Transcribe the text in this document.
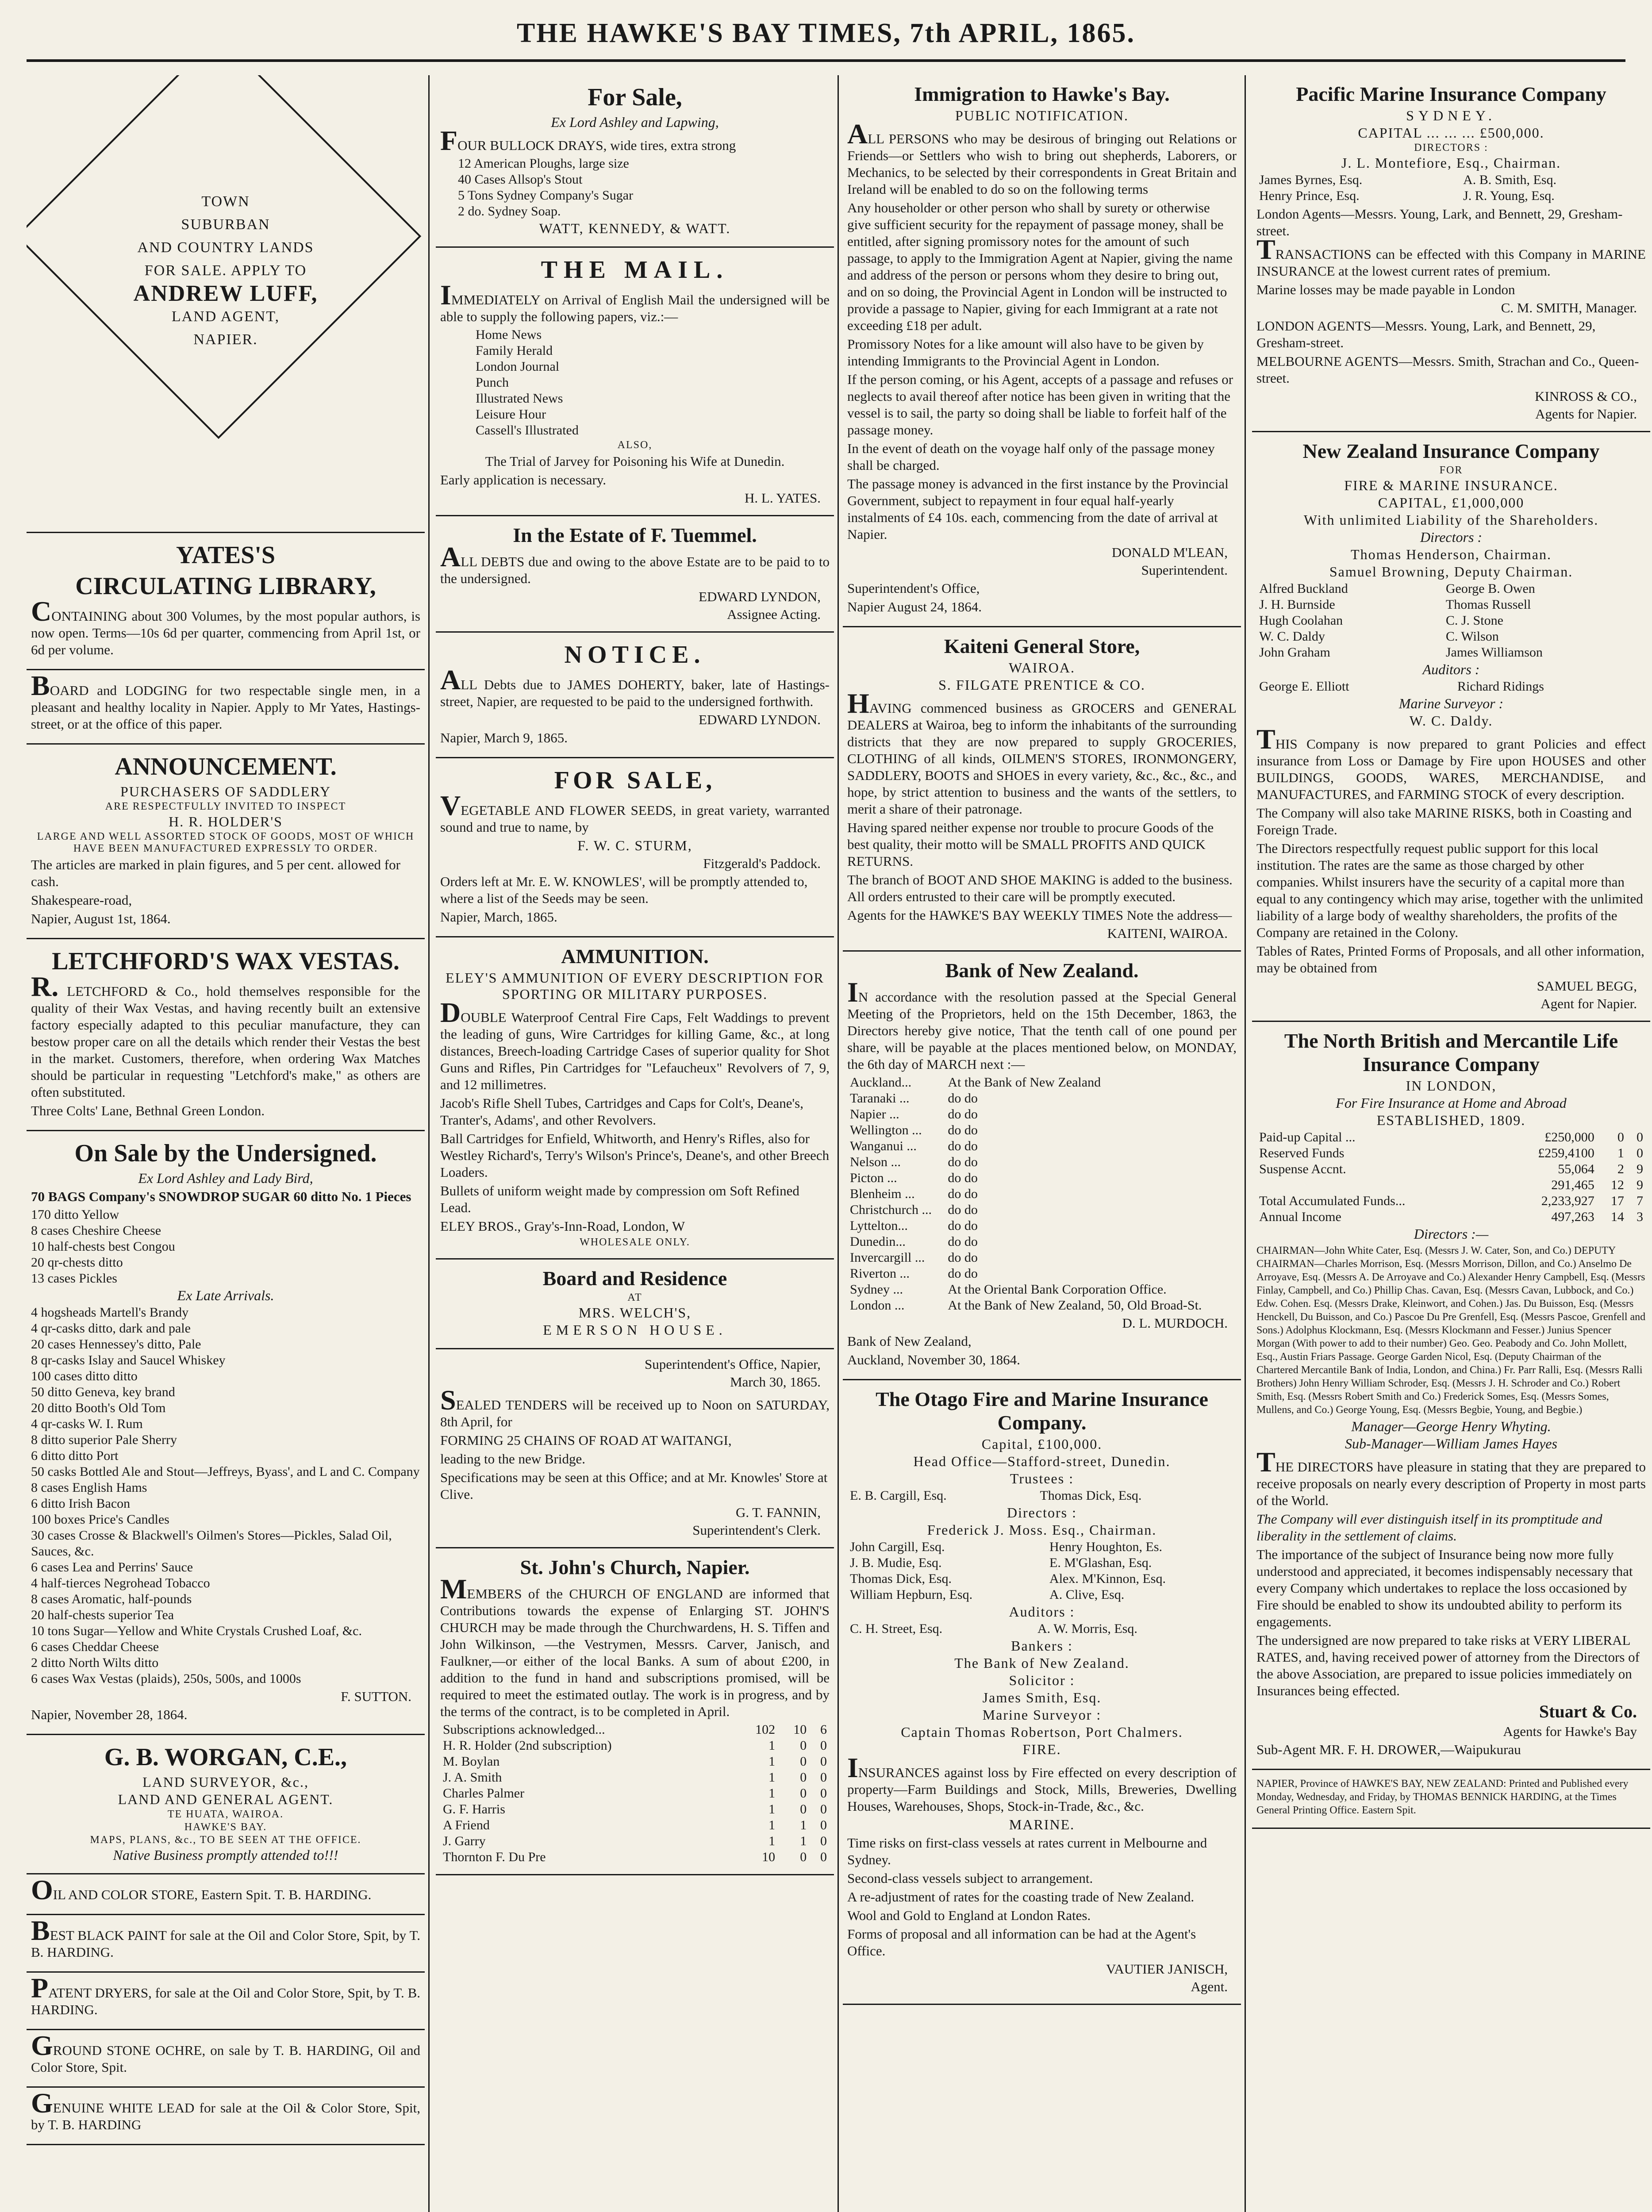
THE HAWKE'S BAY TIMES, 7th APRIL, 1865.
TOWN
SUBURBAN
AND COUNTRY LANDS
FOR SALE. APPLY TO
ANDREW LUFF,
LAND AGENT,
NAPIER.
YATES'S
CIRCULATING LIBRARY,
CONTAINING about 300 Volumes, by the most popular authors, is now open. Terms—10s 6d per quarter, commencing from April 1st, or 6d per volume.
BOARD and LODGING for two respectable single men, in a pleasant and healthy locality in Napier. Apply to Mr Yates, Hastings-street, or at the office of this paper.
ANNOUNCEMENT.
PURCHASERS OF SADDLERY
ARE RESPECTFULLY INVITED TO INSPECT
H. R. HOLDER'S
LARGE AND WELL ASSORTED STOCK OF GOODS, MOST OF WHICH HAVE BEEN MANUFACTURED EXPRESSLY TO ORDER.
The articles are marked in plain figures, and 5 per cent. allowed for cash.
Shakespeare-road,
Napier, August 1st, 1864.
LETCHFORD'S WAX VESTAS.
R. LETCHFORD & Co., hold themselves responsible for the quality of their Wax Vestas, and having recently built an extensive factory especially adapted to this peculiar manufacture, they can bestow proper care on all the details which render their Vestas the best in the market. Customers, therefore, when ordering Wax Matches should be particular in requesting "Letchford's make," as others are often substituted.
Three Colts' Lane, Bethnal Green London.
On Sale by the Undersigned.
Ex Lord Ashley and Lady Bird,
70 BAGS Company's SNOWDROP SUGAR 60 ditto No. 1 Pieces
170 ditto Yellow
8 cases Cheshire Cheese
10 half-chests best Congou
20 qr-chests ditto
13 cases Pickles
Ex Late Arrivals.
4 hogsheads Martell's Brandy
4 qr-casks ditto, dark and pale
20 cases Hennessey's ditto, Pale
8 qr-casks Islay and Saucel Whiskey
100 cases ditto ditto
50 ditto Geneva, key brand
20 ditto Booth's Old Tom
4 qr-casks W. I. Rum
8 ditto superior Pale Sherry
6 ditto ditto Port
50 casks Bottled Ale and Stout—Jeffreys, Byass', and L and C. Company
8 cases English Hams
6 ditto Irish Bacon
100 boxes Price's Candles
30 cases Crosse & Blackwell's Oilmen's Stores—Pickles, Salad Oil, Sauces, &c.
6 cases Lea and Perrins' Sauce
4 half-tierces Negrohead Tobacco
8 cases Aromatic, half-pounds
20 half-chests superior Tea
10 tons Sugar—Yellow and White Crystals Crushed Loaf, &c.
6 cases Cheddar Cheese
2 ditto North Wilts ditto
6 cases Wax Vestas (plaids), 250s, 500s, and 1000s
F. SUTTON.
Napier, November 28, 1864.
G. B. WORGAN, C.E.,
LAND SURVEYOR, &c.,
LAND AND GENERAL AGENT.
TE HUATA, WAIROA.
HAWKE'S BAY.
MAPS, PLANS, &c., TO BE SEEN AT THE OFFICE.
Native Business promptly attended to!!!
OIL AND COLOR STORE, Eastern Spit. T. B. HARDING.
BEST BLACK PAINT for sale at the Oil and Color Store, Spit, by T. B. HARDING.
PATENT DRYERS, for sale at the Oil and Color Store, Spit, by T. B. HARDING.
GROUND STONE OCHRE, on sale by T. B. HARDING, Oil and Color Store, Spit.
GENUINE WHITE LEAD for sale at the Oil & Color Store, Spit, by T. B. HARDING
For Sale,
Ex Lord Ashley and Lapwing,
FOUR BULLOCK DRAYS, wide tires, extra strong
12 American Ploughs, large size
40 Cases Allsop's Stout
5 Tons Sydney Company's Sugar
2 do. Sydney Soap.
WATT, KENNEDY, & WATT.
THE MAIL.
IMMEDIATELY on Arrival of English Mail the undersigned will be able to supply the following papers, viz.:—
Home News
Family Herald
London Journal
Punch
Illustrated News
Leisure Hour
Cassell's Illustrated
ALSO,
The Trial of Jarvey for Poisoning his Wife at Dunedin.
Early application is necessary.
H. L. YATES.
In the Estate of F. Tuemmel.
ALL DEBTS due and owing to the above Estate are to be paid to to the undersigned.
EDWARD LYNDON,
Assignee Acting.
NOTICE.
ALL Debts due to JAMES DOHERTY, baker, late of Hastings-street, Napier, are requested to be paid to the undersigned forthwith.
EDWARD LYNDON.
Napier, March 9, 1865.
FOR SALE,
VEGETABLE AND FLOWER SEEDS, in great variety, warranted sound and true to name, by
F. W. C. STURM,
Fitzgerald's Paddock.
Orders left at Mr. E. W. KNOWLES', will be promptly attended to, where a list of the Seeds may be seen.
Napier, March, 1865.
AMMUNITION.
ELEY'S AMMUNITION OF EVERY DESCRIPTION FOR SPORTING OR MILITARY PURPOSES.
DOUBLE Waterproof Central Fire Caps, Felt Waddings to prevent the leading of guns, Wire Cartridges for killing Game, &c., at long distances, Breech-loading Cartridge Cases of superior quality for Shot Guns and Rifles, Pin Cartridges for "Lefaucheux" Revolvers of 7, 9, and 12 millimetres.
Jacob's Rifle Shell Tubes, Cartridges and Caps for Colt's, Deane's, Tranter's, Adams', and other Revolvers.
Ball Cartridges for Enfield, Whitworth, and Henry's Rifles, also for Westley Richard's, Terry's Wilson's Prince's, Deane's, and other Breech Loaders.
Bullets of uniform weight made by compression om Soft Refined Lead.
ELEY BROS., Gray's-Inn-Road, London, W
WHOLESALE ONLY.
Board and Residence
AT
MRS. WELCH'S,
EMERSON HOUSE.
Superintendent's Office, Napier,
March 30, 1865.
SEALED TENDERS will be received up to Noon on SATURDAY, 8th April, for
FORMING 25 CHAINS OF ROAD AT WAITANGI,
leading to the new Bridge.
Specifications may be seen at this Office; and at Mr. Knowles' Store at Clive.
G. T. FANNIN,
Superintendent's Clerk.
St. John's Church, Napier.
MEMBERS of the CHURCH OF ENGLAND are informed that Contributions towards the expense of Enlarging ST. JOHN'S CHURCH may be made through the Churchwardens, H. S. Tiffen and John Wilkinson, —the Vestrymen, Messrs. Carver, Janisch, and Faulkner,—or either of the local Banks. A sum of about £200, in addition to the fund in hand and subscriptions promised, will be required to meet the estimated outlay. The work is in progress, and by the terms of the contract, is to be completed in April.
Subscriptions acknowledged...	102	10	6
H. R. Holder (2nd subscription)	1	0	0
M. Boylan	1	0	0
J. A. Smith	1	0	0
Charles Palmer	1	0	0
G. F. Harris	1	0	0
A Friend	1	1	0
J. Garry	1	1	0
Thornton F. Du Pre	10	0	0
Immigration to Hawke's Bay.
PUBLIC NOTIFICATION.
ALL PERSONS who may be desirous of bringing out Relations or Friends—or Settlers who wish to bring out shepherds, Laborers, or Mechanics, to be selected by their correspondents in Great Britain and Ireland will be enabled to do so on the following terms
Any householder or other person who shall by surety or otherwise give sufficient security for the repayment of passage money, shall be entitled, after signing promissory notes for the amount of such passage, to apply to the Immigration Agent at Napier, giving the name and address of the person or persons whom they desire to bring out, and on so doing, the Provincial Agent in London will be instructed to provide a passage to Napier, giving for each Immigrant at a rate not exceeding £18 per adult.
Promissory Notes for a like amount will also have to be given by intending Immigrants to the Provincial Agent in London.
If the person coming, or his Agent, accepts of a passage and refuses or neglects to avail thereof after notice has been given in writing that the vessel is to sail, the party so doing shall be liable to forfeit half of the passage money.
In the event of death on the voyage half only of the passage money shall be charged.
The passage money is advanced in the first instance by the Provincial Government, subject to repayment in four equal half-yearly instalments of £4 10s. each, commencing from the date of arrival at Napier.
DONALD M'LEAN,
Superintendent.
Superintendent's Office,
Napier August 24, 1864.
Kaiteni General Store,
WAIROA.
S. FILGATE PRENTICE & CO.
HAVING commenced business as GROCERS and GENERAL DEALERS at Wairoa, beg to inform the inhabitants of the surrounding districts that they are now prepared to supply GROCERIES, CLOTHING of all kinds, OILMEN'S STORES, IRONMONGERY, SADDLERY, BOOTS and SHOES in every variety, &c., &c., &c., and hope, by strict attention to business and the wants of the settlers, to merit a share of their patronage.
Having spared neither expense nor trouble to procure Goods of the best quality, their motto will be SMALL PROFITS AND QUICK RETURNS.
The branch of BOOT AND SHOE MAKING is added to the business. All orders entrusted to their care will be promptly executed.
Agents for the HAWKE'S BAY WEEKLY TIMES Note the address—
KAITENI, WAIROA.
Bank of New Zealand.
IN accordance with the resolution passed at the Special General Meeting of the Proprietors, held on the 15th December, 1863, the Directors hereby give notice, That the tenth call of one pound per share, will be payable at the places mentioned below, on MONDAY, the 6th day of MARCH next :—
Auckland...	At the Bank of New Zealand
Taranaki ...	do do
Napier ...	do do
Wellington ...	do do
Wanganui ...	do do
Nelson ...	do do
Picton ...	do do
Blenheim ...	do do
Christchurch ...	do do
Lyttelton...	do do
Dunedin...	do do
Invercargill ...	do do
Riverton ...	do do
Sydney ...	At the Oriental Bank Corporation Office.
London ...	At the Bank of New Zealand, 50, Old Broad-St.
D. L. MURDOCH.
Bank of New Zealand,
Auckland, November 30, 1864.
The Otago Fire and Marine Insurance Company.
Capital, £100,000.
Head Office—Stafford-street, Dunedin.
Trustees :
E. B. Cargill, Esq.	Thomas Dick, Esq.
Directors :
Frederick J. Moss. Esq., Chairman.
John Cargill, Esq.	Henry Houghton, Es.
J. B. Mudie, Esq.	E. M'Glashan, Esq.
Thomas Dick, Esq.	Alex. M'Kinnon, Esq.
William Hepburn, Esq.	A. Clive, Esq.
Auditors :
C. H. Street, Esq.	A. W. Morris, Esq.
Bankers :
The Bank of New Zealand.
Solicitor :
James Smith, Esq.
Marine Surveyor :
Captain Thomas Robertson, Port Chalmers.
FIRE.
INSURANCES against loss by Fire effected on every description of property—Farm Buildings and Stock, Mills, Breweries, Dwelling Houses, Warehouses, Shops, Stock-in-Trade, &c., &c.
MARINE.
Time risks on first-class vessels at rates current in Melbourne and Sydney.
Second-class vessels subject to arrangement.
A re-adjustment of rates for the coasting trade of New Zealand.
Wool and Gold to England at London Rates.
Forms of proposal and all information can be had at the Agent's Office.
VAUTIER JANISCH,
Agent.
Pacific Marine Insurance Company
SYDNEY.
CAPITAL ... ... ... £500,000.
DIRECTORS :
J. L. Montefiore, Esq., Chairman.
James Byrnes, Esq.	A. B. Smith, Esq.
Henry Prince, Esq.	J. R. Young, Esq.
London Agents—Messrs. Young, Lark, and Bennett, 29, Gresham-street.
TRANSACTIONS can be effected with this Company in MARINE INSURANCE at the lowest current rates of premium.
Marine losses may be made payable in London
C. M. SMITH, Manager.
LONDON AGENTS—Messrs. Young, Lark, and Bennett, 29, Gresham-street.
MELBOURNE AGENTS—Messrs. Smith, Strachan and Co., Queen-street.
KINROSS & CO.,
Agents for Napier.
New Zealand Insurance Company
FOR
FIRE & MARINE INSURANCE.
CAPITAL, £1,000,000
With unlimited Liability of the Shareholders.
Directors :
Thomas Henderson, Chairman.
Samuel Browning, Deputy Chairman.
Alfred Buckland	George B. Owen
J. H. Burnside	Thomas Russell
Hugh Coolahan	C. J. Stone
W. C. Daldy	C. Wilson
John Graham	James Williamson
Auditors :
George E. Elliott	Richard Ridings
Marine Surveyor :
W. C. Daldy.
THIS Company is now prepared to grant Policies and effect insurance from Loss or Damage by Fire upon HOUSES and other BUILDINGS, GOODS, WARES, MERCHANDISE, and MANUFACTURES, and FARMING STOCK of every description.
The Company will also take MARINE RISKS, both in Coasting and Foreign Trade.
The Directors respectfully request public support for this local institution. The rates are the same as those charged by other companies. Whilst insurers have the security of a capital more than equal to any contingency which may arise, together with the unlimited liability of a large body of wealthy shareholders, the profits of the Company are retained in the Colony.
Tables of Rates, Printed Forms of Proposals, and all other information, may be obtained from
SAMUEL BEGG,
Agent for Napier.
The North British and Mercantile Life Insurance Company
IN LONDON,
For Fire Insurance at Home and Abroad
ESTABLISHED, 1809.
Paid-up Capital ...	£250,000	0	0
Reserved Funds	£259,4100	1	0
Suspense Accnt.	55,064	2	9
	291,465	12	9
Total Accumulated Funds...	2,233,927	17	7
Annual Income	497,263	14	3
Directors :—
CHAIRMAN—John White Cater, Esq. (Messrs J. W. Cater, Son, and Co.) DEPUTY CHAIRMAN—Charles Morrison, Esq. (Messrs Morrison, Dillon, and Co.) Anselmo De Arroyave, Esq. (Messrs A. De Arroyave and Co.) Alexander Henry Campbell, Esq. (Messrs Finlay, Campbell, and Co.) Phillip Chas. Cavan, Esq. (Messrs Cavan, Lubbock, and Co.) Edw. Cohen. Esq. (Messrs Drake, Kleinwort, and Cohen.) Jas. Du Buisson, Esq. (Messrs Henckell, Du Buisson, and Co.) Pascoe Du Pre Grenfell, Esq. (Messrs Pascoe, Grenfell and Sons.) Adolphus Klockmann, Esq. (Messrs Klockmann and Fesser.) Junius Spencer Morgan (With power to add to their number) Geo. Geo. Peabody and Co. John Mollett, Esq., Austin Friars Passage. George Garden Nicol, Esq. (Deputy Chairman of the Chartered Mercantile Bank of India, London, and China.) Fr. Parr Ralli, Esq. (Messrs Ralli Brothers) John Henry William Schroder, Esq. (Messrs J. H. Schroder and Co.) Robert Smith, Esq. (Messrs Robert Smith and Co.) Frederick Somes, Esq. (Messrs Somes, Mullens, and Co.) George Young, Esq. (Messrs Begbie, Young, and Begbie.)
Manager—George Henry Whyting.
Sub-Manager—William James Hayes
THE DIRECTORS have pleasure in stating that they are prepared to receive proposals on nearly every description of Property in most parts of the World.
The Company will ever distinguish itself in its promptitude and liberality in the settlement of claims.
The importance of the subject of Insurance being now more fully understood and appreciated, it becomes indispensably necessary that every Company which undertakes to replace the loss occasioned by Fire should be enabled to show its undoubted ability to perform its engagements.
The undersigned are now prepared to take risks at VERY LIBERAL RATES, and, having received power of attorney from the Directors of the above Association, are prepared to issue policies immediately on Insurances being effected.
Stuart & Co.
Agents for Hawke's Bay
Sub-Agent MR. F. H. DROWER,—Waipukurau
NAPIER, Province of HAWKE'S BAY, NEW ZEALAND: Printed and Published every Monday, Wednesday, and Friday, by THOMAS BENNICK HARDING, at the Times General Printing Office. Eastern Spit.
